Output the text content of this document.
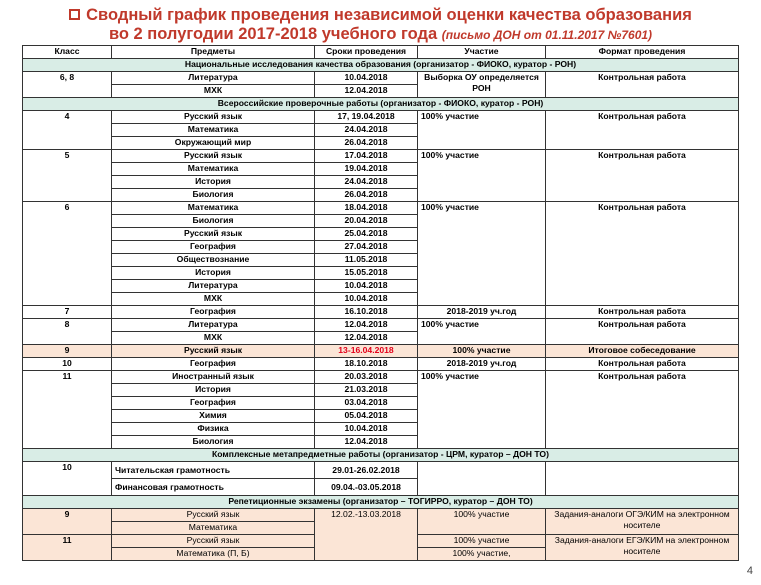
Сводный график проведения независимой оценки качества образования
во 2 полугодии 2017-2018 учебного года (письмо ДОН от 01.11.2017 №7601)
Класс	Предметы	Сроки проведения	Участие	Формат проведения
Национальные исследования качества образования (организатор - ФИОКО, куратор - РОН)				
6, 8	Литература	10.04.2018	Выборка ОУ определяется РОН	Контрольная работа
	МХК	12.04.2018		
Всероссийские проверочные работы (организатор - ФИОКО, куратор - РОН)				
4	Русский язык	17, 19.04.2018	100% участие	Контрольная работа
	Математика	24.04.2018		
	Окружающий мир	26.04.2018		
5	Русский язык	17.04.2018	100% участие	Контрольная работа
	Математика	19.04.2018		
	История	24.04.2018		
	Биология	26.04.2018		
6	Математика	18.04.2018	100% участие	Контрольная работа
	Биология	20.04.2018		
	Русский язык	25.04.2018		
	География	27.04.2018		
	Обществознание	11.05.2018		
	История	15.05.2018		
	Литература	10.04.2018		
	МХК	10.04.2018		
7	География	16.10.2018	2018-2019 уч.год	Контрольная работа
8	Литература	12.04.2018	100% участие	Контрольная работа
	МХК	12.04.2018		
9	Русский язык	13-16.04.2018	100% участие	Итоговое собеседование
10	География	18.10.2018	2018-2019 уч.год	Контрольная работа
11	Иностранный язык	20.03.2018	100% участие	Контрольная работа
	История	21.03.2018		
	География	03.04.2018		
	Химия	05.04.2018		
	Физика	10.04.2018		
	Биология	12.04.2018		
Комплексные метапредметные работы (организатор - ЦРМ, куратор – ДОН ТО)				
10	Читательская грамотность	29.01-26.02.2018		
	Финансовая грамотность	09.04.-03.05.2018		
Репетиционные экзамены (организатор – ТОГИРРО, куратор – ДОН ТО)				
9	Русский язык	12.02.-13.03.2018	100% участие	Задания-аналоги ОГЭ/КИМ на электронном носителе
	Математика			
11	Русский язык		100% участие	Задания-аналоги ЕГЭ/КИМ на электронном носителе
	Математика (П, Б)		100% участие,	
4
